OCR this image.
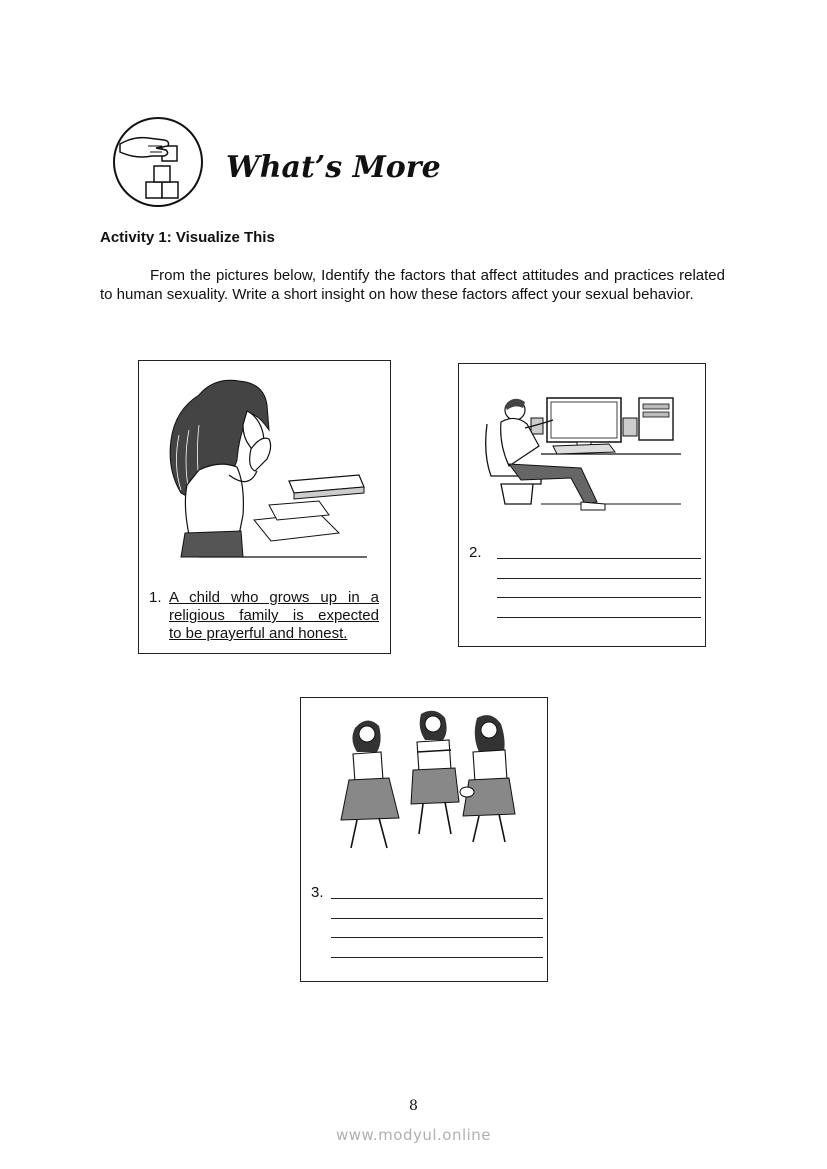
What’s More
Activity 1: Visualize This
From the pictures below, Identify the factors that affect attitudes and practices related to human sexuality. Write a short insight on how these factors affect your sexual behavior.
1. A child who grows up in a
religious family is expected
to be prayerful and honest.
2.
3.
8
www.modyul.online
